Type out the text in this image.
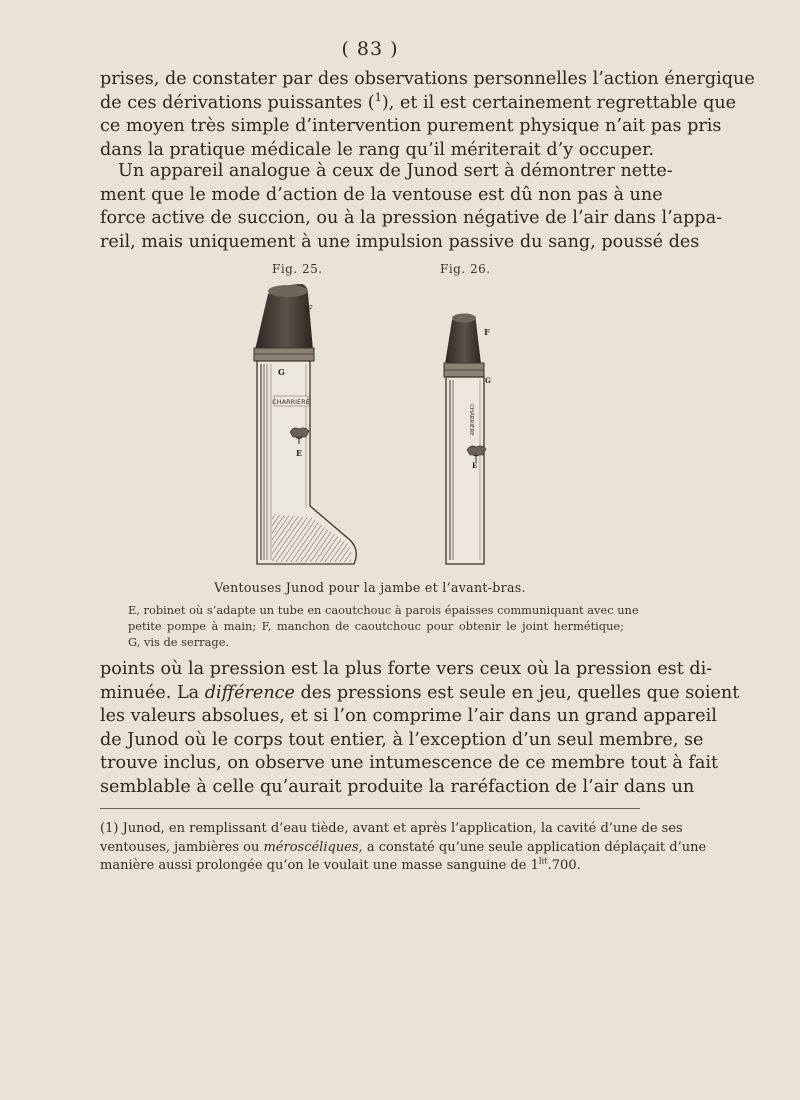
( 83 )

prises, de constater par des observations personnelles l’action énergique
de ces dérivations puissantes ($^1$), et il est certainement regrettable que
ce moyen très simple d’intervention purement physique n’ait pas pris
dans la pratique médicale le rang qu’il mériterait d’y occuper.

Un appareil analogue à ceux de Junod sert à démontrer nette-
ment que le mode d’action de la ventouse est dû non pas à une
force active de succion, ou à la pression négative de l’air dans l’appa-
reil, mais uniquement à une impulsion passive du sang, poussé des

Fig. 25.	Fig. 26.
CHARRIÈRE
F
G
E
CHARRIÈRE
F
G
E
Ventouses Junod pour la jambe et l’avant-bras.

E, robinet où s’adapte un tube en caoutchouc à parois épaisses communiquant avec une
petite pompe à main; F, manchon de caoutchouc pour obtenir le joint hermétique;
G, vis de serrage.

points où la pression est la plus forte vers ceux où la pression est di-
minuée. La différence des pressions est seule en jeu, quelles que soient
les valeurs absolues, et si l’on comprime l’air dans un grand appareil
de Junod où le corps tout entier, à l’exception d’un seul membre, se
trouve inclus, on observe une intumescence de ce membre tout à fait
semblable à celle qu’aurait produite la raréfaction de l’air dans un

(1) Junod, en remplissant d’eau tiède, avant et après l’application, la cavité d’une de ses
ventouses, jambières ou méroscéliques, a constaté qu’une seule application déplaçait d’une
manière aussi prolongée qu’on le voulait une masse sanguine de $1^{lit}.700$.
